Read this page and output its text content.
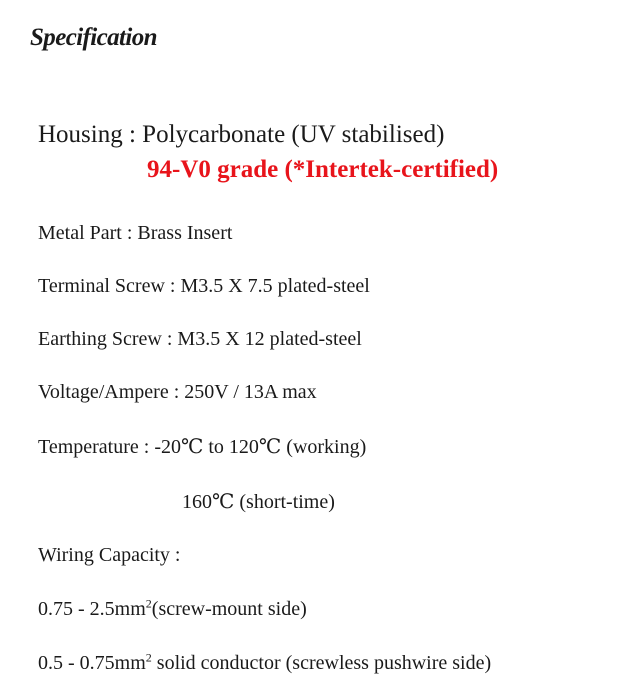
Specification
Housing : Polycarbonate (UV stabilised)
94-V0 grade (*Intertek-certified)
Metal Part : Brass Insert
Terminal Screw : M3.5 X 7.5 plated-steel
Earthing Screw : M3.5 X 12 plated-steel
Voltage/Ampere : 250V / 13A max
Temperature : -20℃ to 120℃ (working)
160℃ (short-time)
Wiring Capacity :
$0.75 - 2.5mm^2(screw$-mount side)
$0.5 - 0.75mm^2$ solid conductor (screwless pushwire side)
